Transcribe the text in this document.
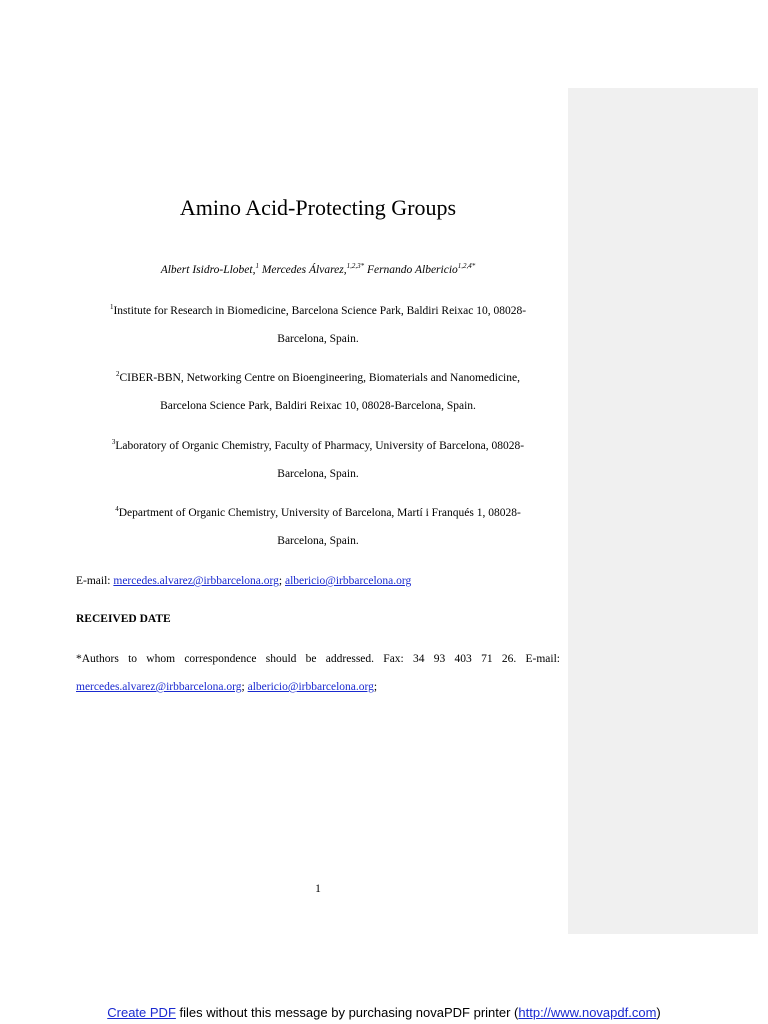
Amino Acid-Protecting Groups
Albert Isidro-Llobet,$^1$ Mercedes Álvarez,$^{1,2,3*}$ Fernando Albericio$^{1,2,4*}$
$^1$Institute for Research in Biomedicine, Barcelona Science Park, Baldiri Reixac 10, 08028-
Barcelona, Spain.
$^2$CIBER-BBN, Networking Centre on Bioengineering, Biomaterials and Nanomedicine,
Barcelona Science Park, Baldiri Reixac 10, 08028-Barcelona, Spain.
$^3$Laboratory of Organic Chemistry, Faculty of Pharmacy, University of Barcelona, 08028-
Barcelona, Spain.
$^4$Department of Organic Chemistry, University of Barcelona, Martí i Franqués 1, 08028-
Barcelona, Spain.
E-mail: mercedes.alvarez@irbbarcelona.org; albericio@irbbarcelona.org
RECEIVED DATE
*Authors to whom correspondence should be addressed. Fax: 34 93 403 71 26. E-mail: mercedes.alvarez@irbbarcelona.org; albericio@irbbarcelona.org;
1
Create PDF files without this message by purchasing novaPDF printer (http://www.novapdf.com)
